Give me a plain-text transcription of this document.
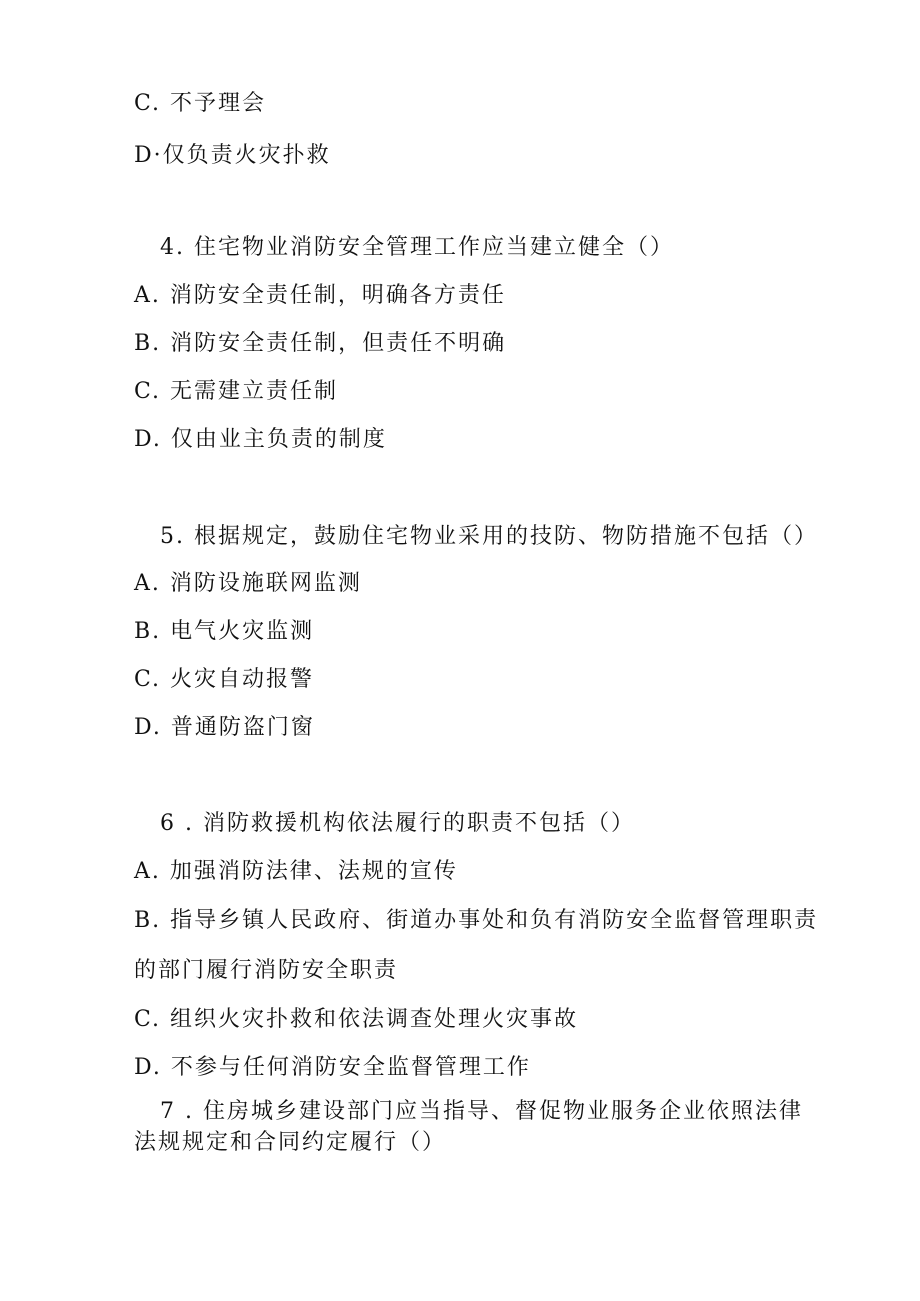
C. 不予理会
D·仅负责火灾扑救
4. 住宅物业消防安全管理工作应当建立健全（）
A. 消防安全责任制，明确各方责任
B. 消防安全责任制，但责任不明确
C. 无需建立责任制
D. 仅由业主负责的制度
5. 根据规定，鼓励住宅物业采用的技防、物防措施不包括（）
A. 消防设施联网监测
B. 电气火灾监测
C. 火灾自动报警
D. 普通防盗门窗
6 . 消防救援机构依法履行的职责不包括（）
A. 加强消防法律、法规的宣传
B. 指导乡镇人民政府、街道办事处和负有消防安全监督管理职责
的部门履行消防安全职责
C. 组织火灾扑救和依法调查处理火灾事故
D. 不参与任何消防安全监督管理工作
7 . 住房城乡建设部门应当指导、督促物业服务企业依照法律
法规规定和合同约定履行（）
